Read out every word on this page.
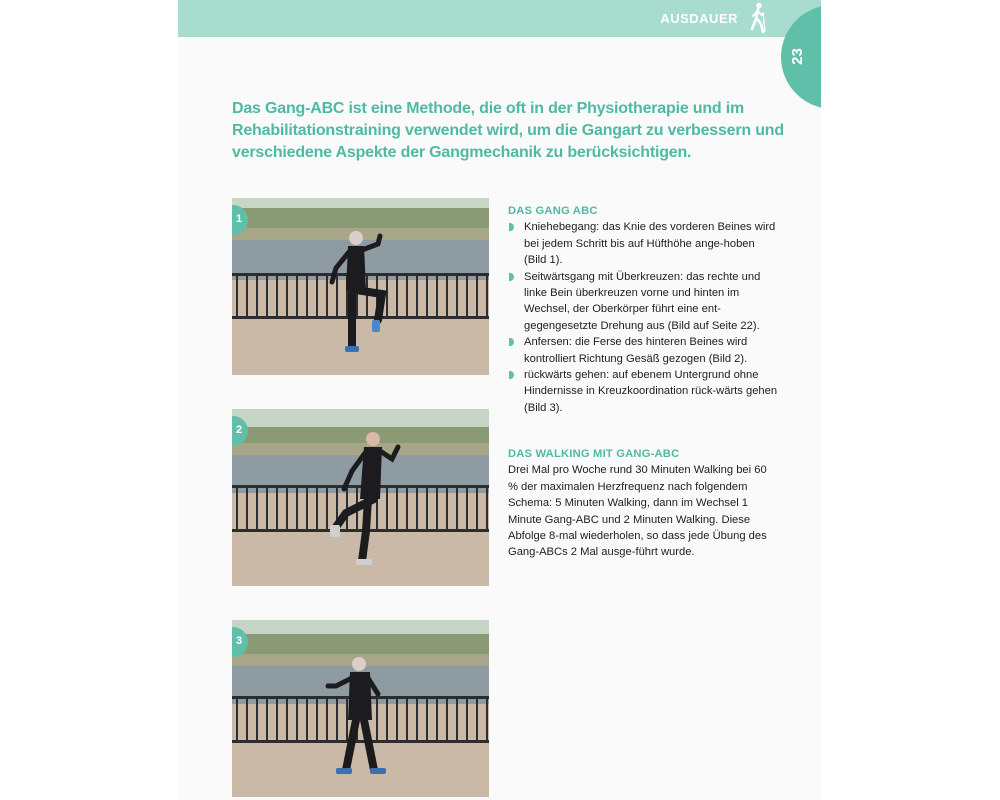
AUSDAUER
23
Das Gang-ABC ist eine Methode, die oft in der Physiotherapie und im Rehabilitationstraining verwendet wird, um die Gangart zu verbessern und verschiedene Aspekte der Gangmechanik zu berücksichtigen.
1
2
3
DAS GANG ABC
Kniehebegang: das Knie des vorderen Beines wird bei jedem Schritt bis auf Hüfthöhe ange-hoben (Bild 1).
Seitwärtsgang mit Überkreuzen: das rechte und linke Bein überkreuzen vorne und hinten im Wechsel, der Oberkörper führt eine ent-gegengesetzte Drehung aus (Bild auf Seite 22).
Anfersen: die Ferse des hinteren Beines wird kontrolliert Richtung Gesäß gezogen (Bild 2).
rückwärts gehen: auf ebenem Untergrund ohne Hindernisse in Kreuzkoordination rück-wärts gehen (Bild 3).
DAS WALKING MIT GANG-ABC
Drei Mal pro Woche rund 30 Minuten Walking bei 60 % der maximalen Herzfrequenz nach folgendem Schema: 5 Minuten Walking, dann im Wechsel 1 Minute Gang-ABC und 2 Minuten Walking. Diese Abfolge 8-mal wiederholen, so dass jede Übung des Gang-ABCs 2 Mal ausge-führt wurde.
